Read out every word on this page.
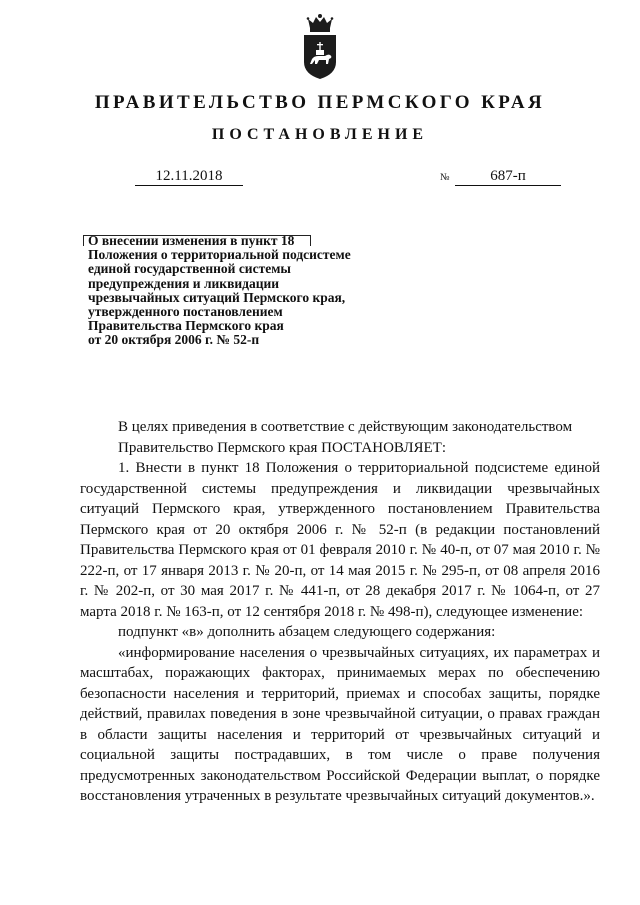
ПРАВИТЕЛЬСТВО ПЕРМСКОГО КРАЯ
ПОСТАНОВЛЕНИЕ
12.11.2018	№	687-п
О внесении изменения в пункт 18
Положения о территориальной подсистеме
единой государственной системы
предупреждения и ликвидации
чрезвычайных ситуаций Пермского края,
утвержденного постановлением
Правительства Пермского края
от 20 октября 2006 г. № 52-п

В целях приведения в соответствие с действующим законодательством

Правительство Пермского края ПОСТАНОВЛЯЕТ:

1. Внести в пункт 18 Положения о территориальной подсистеме единой государственной системы предупреждения и ликвидации чрезвычайных ситуаций Пермского края, утвержденного постановлением Правительства Пермского края от 20 октября 2006 г. № 52-п (в редакции постановлений Правительства Пермского края от 01 февраля 2010 г. № 40-п, от 07 мая 2010 г. № 222-п, от 17 января 2013 г. № 20-п, от 14 мая 2015 г. № 295-п, от 08 апреля 2016 г. № 202-п, от 30 мая 2017 г. № 441-п, от 28 декабря 2017 г. № 1064-п, от 27 марта 2018 г. № 163-п, от 12 сентября 2018 г. № 498-п), следующее изменение:

подпункт «в» дополнить абзацем следующего содержания:

«информирование населения о чрезвычайных ситуациях, их параметрах и масштабах, поражающих факторах, принимаемых мерах по обеспечению безопасности населения и территорий, приемах и способах защиты, порядке действий, правилах поведения в зоне чрезвычайной ситуации, о правах граждан в области защиты населения и территорий от чрезвычайных ситуаций и социальной защиты пострадавших, в том числе о праве получения предусмотренных законодательством Российской Федерации выплат, о порядке восстановления утраченных в результате чрезвычайных ситуаций документов.».
